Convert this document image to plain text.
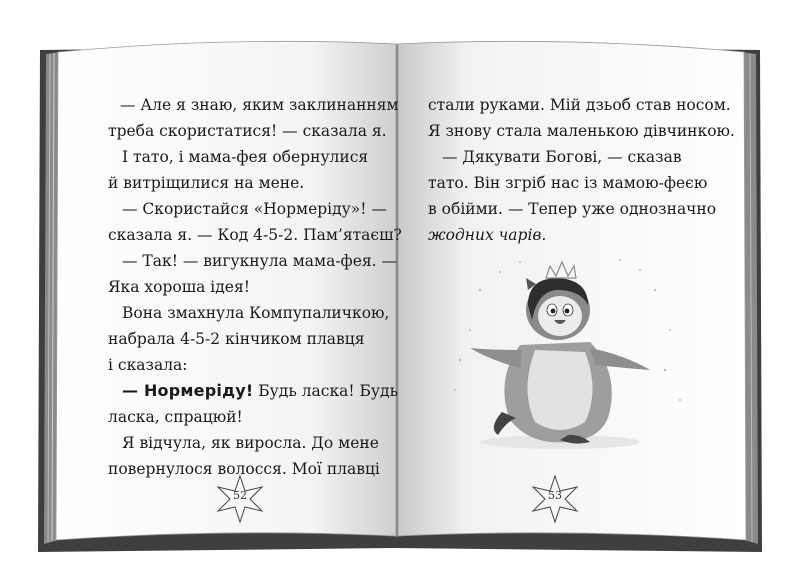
— Але я знаю, яким заклинанням
треба скористатися! — сказала я.
І тато, і мама-фея обернулися
й витріщилися на мене.
— Скористайся «Нормеріду»! —
сказала я. — Код 4-5-2. Пам’ятаєш?
— Так! — вигукнула мама-фея. —
Яка хороша ідея!
Вона змахнула Компупаличкою,
набрала 4-5-2 кінчиком плавця
і сказала:
— Нормеріду! Будь ласка! Будь
ласка, спрацюй!
Я відчула, як виросла. До мене
повернулося волосся. Мої плавці
стали руками. Мій дзьоб став носом.
Я знову стала маленькою дівчинкою.
— Дякувати Богові, — сказав
тато. Він згріб нас із мамою-феєю
в обійми. — Тепер уже однозначно
жодних чарів.
52	53
